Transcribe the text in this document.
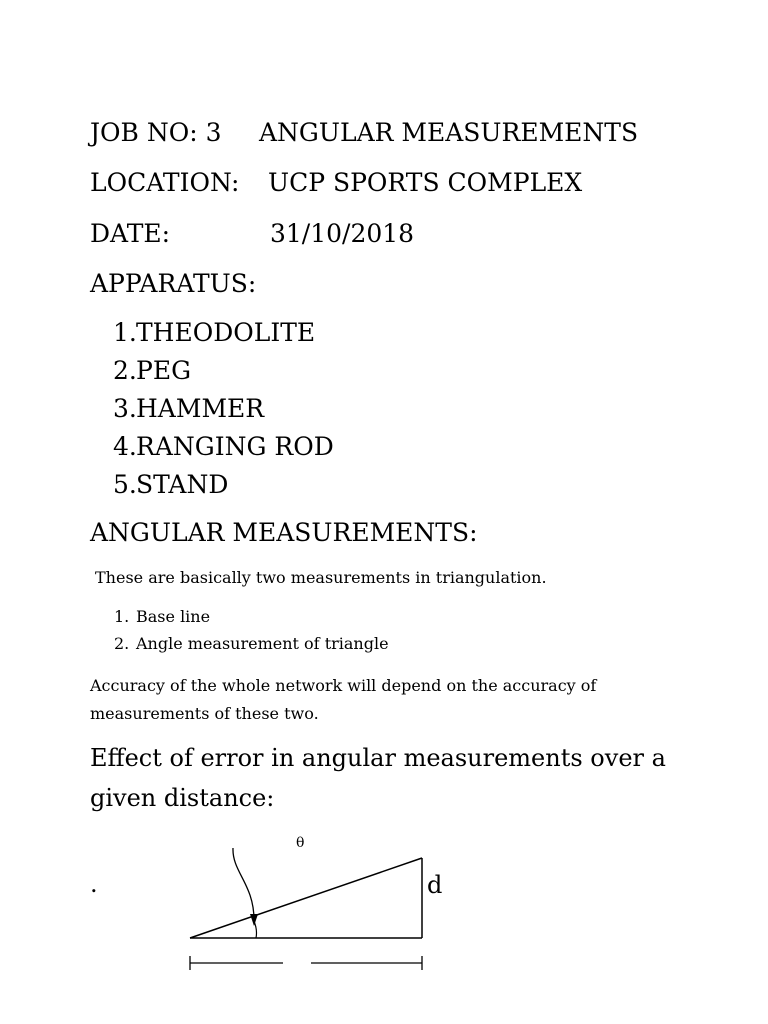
JOB NO: 3 ANGULAR MEASUREMENTS
LOCATION: UCP SPORTS COMPLEX
DATE:	31/10/2018
APPARATUS:
1.THEODOLITE
2.PEG
3.HAMMER
4.RANGING ROD
5.STAND
ANGULAR MEASUREMENTS:
These are basically two measurements in triangulation.
1. Base line
2. Angle measurement of triangle
Accuracy of the whole network will depend on the accuracy of measurements of these two.
Effect of error in angular measurements over a given distance:
θ
d
.
